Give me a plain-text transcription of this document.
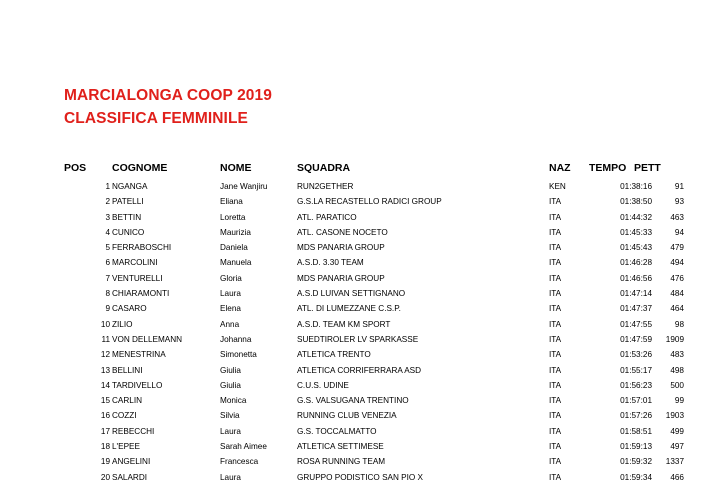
MARCIALONGA COOP 2019
CLASSIFICA FEMMINILE
POS COGNOME	NOME	SQUADRA	NAZ TEMPO PETT
1 NGANGA	Jane Wanjiru	RUN2GETHER	KEN	01:38:16	91
2 PATELLI	Eliana	G.S.LA RECASTELLO RADICI GROUP	ITA	01:38:50	93
3 BETTIN	Loretta	ATL. PARATICO	ITA	01:44:32	463
4 CUNICO	Maurizia	ATL. CASONE NOCETO	ITA	01:45:33	94
5 FERRABOSCHI	Daniela	MDS PANARIA GROUP	ITA	01:45:43	479
6 MARCOLINI	Manuela	A.S.D. 3.30 TEAM	ITA	01:46:28	494
7 VENTURELLI	Gloria	MDS PANARIA GROUP	ITA	01:46:56	476
8 CHIARAMONTI	Laura	A.S.D LUIVAN SETTIGNANO	ITA	01:47:14	484
9 CASARO	Elena	ATL. DI LUMEZZANE C.S.P.	ITA	01:47:37	464
10 ZILIO	Anna	A.S.D. TEAM KM SPORT	ITA	01:47:55	98
11 VON DELLEMANN	Johanna	SUEDTIROLER LV SPARKASSE	ITA	01:47:59	1909
12 MENESTRINA	Simonetta	ATLETICA TRENTO	ITA	01:53:26	483
13 BELLINI	Giulia	ATLETICA CORRIFERRARA ASD	ITA	01:55:17	498
14 TARDIVELLO	Giulia	C.U.S. UDINE	ITA	01:56:23	500
15 CARLIN	Monica	G.S. VALSUGANA TRENTINO	ITA	01:57:01	99
16 COZZI	Silvia	RUNNING CLUB VENEZIA	ITA	01:57:26	1903
17 REBECCHI	Laura	G.S. TOCCALMATTO	ITA	01:58:51	499
18 L'EPEE	Sarah Aimee	ATLETICA SETTIMESE	ITA	01:59:13	497
19 ANGELINI	Francesca	ROSA RUNNING TEAM	ITA	01:59:32	1337
20 SALARDI	Laura	GRUPPO PODISTICO SAN PIO X	ITA	01:59:34	466
